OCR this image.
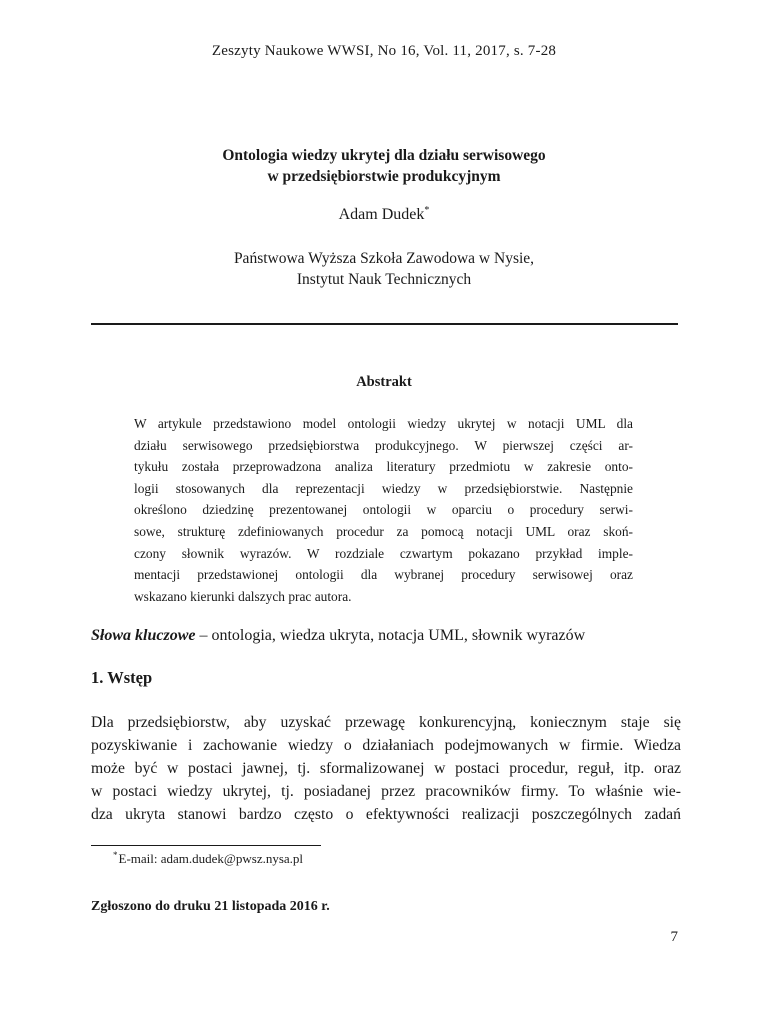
Zeszyty Naukowe WWSI, No 16, Vol. 11, 2017, s. 7-28
Ontologia wiedzy ukrytej dla działu serwisowego
w przedsiębiorstwie produkcyjnym
Adam Dudek*
Państwowa Wyższa Szkoła Zawodowa w Nysie,
Instytut Nauk Technicznych
Abstrakt
W artykule przedstawiono model ontologii wiedzy ukrytej w notacji UML dla
działu serwisowego przedsiębiorstwa produkcyjnego. W pierwszej części ar-
tykułu została przeprowadzona analiza literatury przedmiotu w zakresie onto-
logii stosowanych dla reprezentacji wiedzy w przedsiębiorstwie. Następnie
określono dziedzinę prezentowanej ontologii w oparciu o procedury serwi-
sowe, strukturę zdefiniowanych procedur za pomocą notacji UML oraz skoń-
czony słownik wyrazów. W rozdziale czwartym pokazano przykład imple-
mentacji przedstawionej ontologii dla wybranej procedury serwisowej oraz
wskazano kierunki dalszych prac autora.
Słowa kluczowe – ontologia, wiedza ukryta, notacja UML, słownik wyrazów
1. Wstęp
Dla przedsiębiorstw, aby uzyskać przewagę konkurencyjną, koniecznym staje się
pozyskiwanie i zachowanie wiedzy o działaniach podejmowanych w firmie. Wiedza
może być w postaci jawnej, tj. sformalizowanej w postaci procedur, reguł, itp. oraz
w postaci wiedzy ukrytej, tj. posiadanej przez pracowników firmy. To właśnie wie-
dza ukryta stanowi bardzo często o efektywności realizacji poszczególnych zadań
*E-mail: adam.dudek@pwsz.nysa.pl
Zgłoszono do druku 21 listopada 2016 r.
7
